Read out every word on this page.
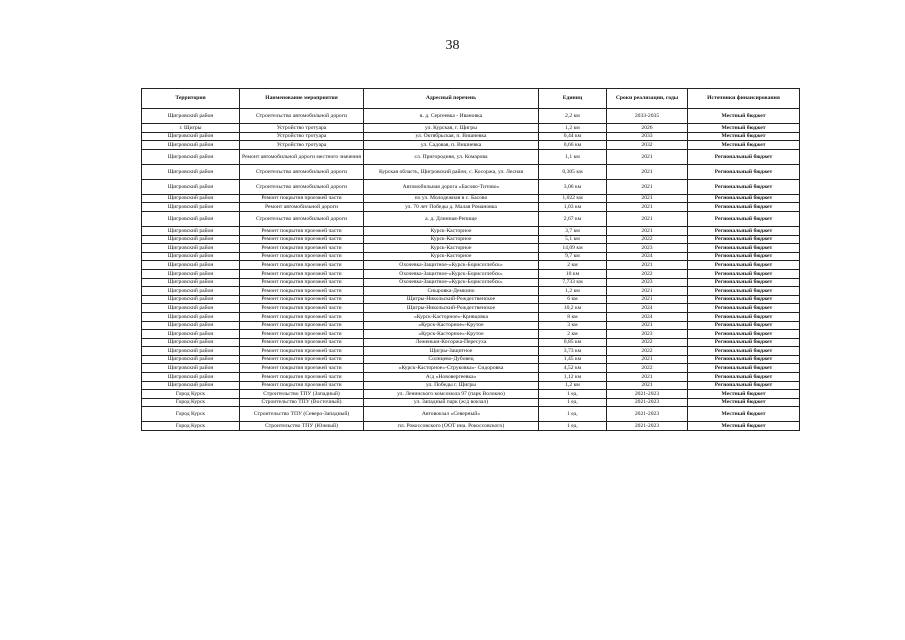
38
Территория	Наименование мероприятия	Адресный перечень	Единиц	Сроки реализации, годы	Источники финансирования
Щигровский район	Строительство автомобильной дороги	в. д. Сергеевка - Ивановка	2,2 км	2033-2035	Местный бюджет
г. Щигры	Устройство тротуара	ул. Курская, г. Щигры	1,2 км	2026	Местный бюджет
Щигровский район	Устройство тротуара	ул. Октябрьская, п. Вишневка	0,44 км	2033	Местный бюджет
Щигровский район	Устройство тротуара	ул. Садовая, п. Вишневка	0,66 км	2032	Местный бюджет
Щигровский район	Ремонт автомобильной дороги местного значения	сл. Пригородняя, ул. Комарова	1,1 км	2021	Региональный бюджет
Щигровский район	Строительство автомобильной дороги	Курская область, Щигровский район, с. Косоржа, ул. Лесная	0,305 км	2021	Региональный бюджет
Щигровский район	Строительство автомобильной дороги	Автомобильная дорога «Басово-Титово»	3,06 км	2021	Региональный бюджет
Щигровский район	Ремонт покрытия проезжей части	по ул. Молодежная в с. Басово	1,022 км	2021	Региональный бюджет
Щигровский район	Ремонт автомобильной дороги	ул. 70 лет Победы д. Малая Романовка	1,03 км	2021	Региональный бюджет
Щигровский район	Строительство автомобильной дороги	а. д. Длинная-Репище	2,67 км	2021	Региональный бюджет
Щигровский район	Ремонт покрытия проезжей части	Курск-Касторное	3,7 км	2021	Региональный бюджет
Щигровский район	Ремонт покрытия проезжей части	Курск-Касторное	5,1 км	2022	Региональный бюджет
Щигровский район	Ремонт покрытия проезжей части	Курск-Касторное	14,09 км	2023	Региональный бюджет
Щигровский район	Ремонт покрытия проезжей части	Курск-Касторное	9,7 км	2024	Региональный бюджет
Щигровский район	Ремонт покрытия проезжей части	Охочевка-Защитное-«Курск-Борисоглебск»	2 км	2021	Региональный бюджет
Щигровский район	Ремонт покрытия проезжей части	Охочевка-Защитное-«Курск-Борисоглебск»	10 км	2022	Региональный бюджет
Щигровский район	Ремонт покрытия проезжей части	Охочевка-Защитное-«Курск-Борисоглебск»	7,733 км	2023	Региональный бюджет
Щигровский район	Ремонт покрытия проезжей части	Сныровка-Демкино	1,2 км	2021	Региональный бюджет
Щигровский район	Ремонт покрытия проезжей части	Щигры-Никольский-Рождественское	6 км	2021	Региональный бюджет
Щигровский район	Ремонт покрытия проезжей части	Щигры-Никольский-Рождественское	10,2 км	2024	Региональный бюджет
Щигровский район	Ремонт покрытия проезжей части	«Курск-Касторное»-Кривцовка	8 км	2024	Региональный бюджет
Щигровский район	Ремонт покрытия проезжей части	«Курск-Касторное»-Крутое	3 км	2021	Региональный бюджет
Щигровский район	Ремонт покрытия проезжей части	«Курск-Касторное»-Крутое	2 км	2023	Региональный бюджет
Щигровский район	Ремонт покрытия проезжей части	Леженьки-Косоржа-Пересуха	0,85 км	2022	Региональный бюджет
Щигровский район	Ремонт покрытия проезжей части	Щигры-Защитное	3,73 км	2022	Региональный бюджет
Щигровский район	Ремонт покрытия проезжей части	Солнцево-Дубовец	1,45 км	2021	Региональный бюджет
Щигровский район	Ремонт покрытия проезжей части	«Курск-Касторное»-Струковка»- Сидоровка	4,52 км	2022	Региональный бюджет
Щигровский район	Ремонт покрытия проезжей части	А/д «Нововергеевка»	1,12 км	2021	Региональный бюджет
Щигровский район	Ремонт покрытия проезжей части	ул. Победы г. Щигры	1,2 км	2021	Региональный бюджет
Город Курск	Строительство ТПУ (Западный)	ул. Ленинского комсомола 97 (парк Волокно)	1 ед.	2021-2023	Местный бюджет
Город Курск	Строительство ТПУ (Восточный)	ул. Западный парк (ж/д вокзал)	1 ед.	2021-2023	Местный бюджет
Город Курск	Строительство ТПУ (Северо-Западный)	Автовокзал «Северный»	1 ед.	2021-2023	Местный бюджет
Город Курск	Строительство ТПУ (Южный)	пл. Рокоссовского (ООТ ина. Рокоссовского)	1 ед.	2021-2023	Местный бюджет
